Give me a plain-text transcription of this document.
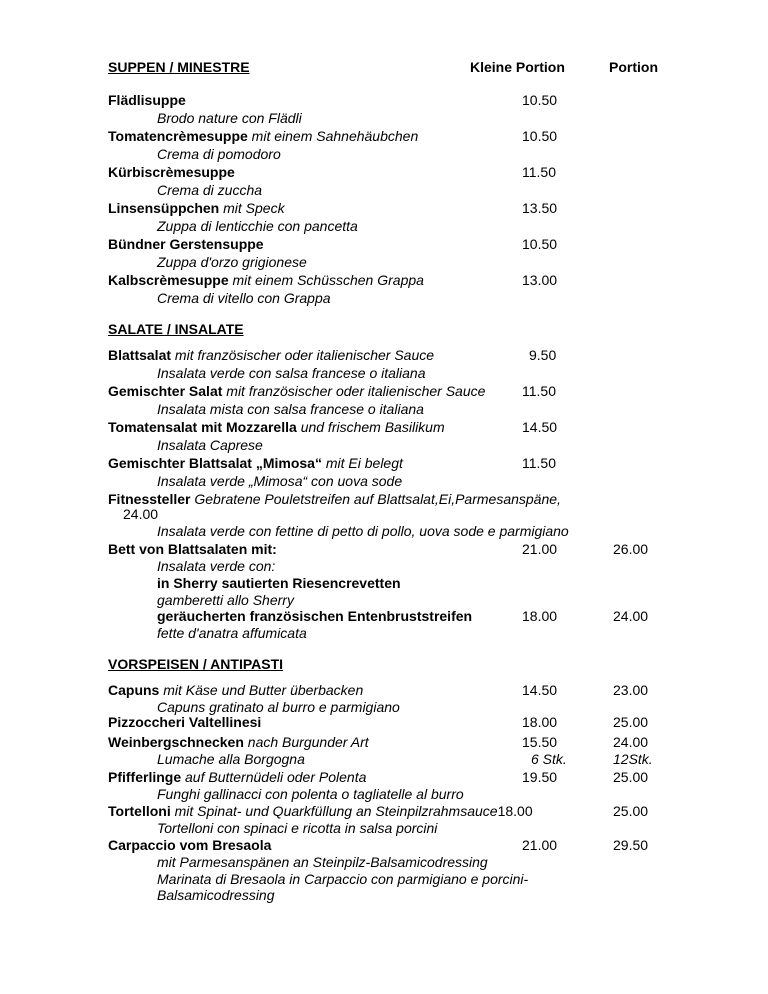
SUPPEN / MINESTRE	Kleine Portion	Portion
Flädlisuppe	10.50
Brodo nature con Flädli
Tomatencrèmesuppe mit einem Sahnehäubchen	10.50
Crema di pomodoro
Kürbiscrèmesuppe	11.50
Crema di zuccha
Linsensüppchen mit Speck	13.50
Zuppa di lenticchie con pancetta
Bündner Gerstensuppe	10.50
Zuppa d'orzo grigionese
Kalbscrèmesuppe mit einem Schüsschen Grappa	13.00
Crema di vitello con Grappa
SALATE / INSALATE
Blattsalat mit französischer oder italienischer Sauce	9.50
Insalata verde con salsa francese o italiana
Gemischter Salat mit französischer oder italienischer Sauce	11.50
Insalata mista con salsa francese o italiana
Tomatensalat mit Mozzarella und frischem Basilikum	14.50
Insalata Caprese
Gemischter Blattsalat „Mimosa“ mit Ei belegt	11.50
Insalata verde „Mimosa“ con uova sode
Fitnessteller Gebratene Pouletstreifen auf Blattsalat,Ei,Parmesanspäne,
24.00
Insalata verde con fettine di petto di pollo, uova sode e parmigiano
Bett von Blattsalaten mit:	21.00	26.00
Insalata verde con:
in Sherry sautierten Riesencrevetten
gamberetti allo Sherry
geräucherten französischen Entenbruststreifen	18.00	24.00
fette d'anatra affumicata
VORSPEISEN / ANTIPASTI
Capuns mit Käse und Butter überbacken	14.50	23.00
Capuns gratinato al burro e parmigiano
Pizzoccheri Valtellinesi	18.00	25.00
Weinbergschnecken nach Burgunder Art	15.50	24.00
Lumache alla Borgogna	6 Stk.	12Stk.
Pfifferlinge auf Butternüdeli oder Polenta	19.50	25.00
Funghi gallinacci con polenta o tagliatelle al burro
Tortelloni mit Spinat- und Quarkfüllung an Steinpilzrahmsauce18.00	25.00
Tortelloni con spinaci e ricotta in salsa porcini
Carpaccio vom Bresaola	21.00	29.50
mit Parmesanspänen an Steinpilz-Balsamicodressing
Marinata di Bresaola in Carpaccio con parmigiano e porcini-
Balsamicodressing
